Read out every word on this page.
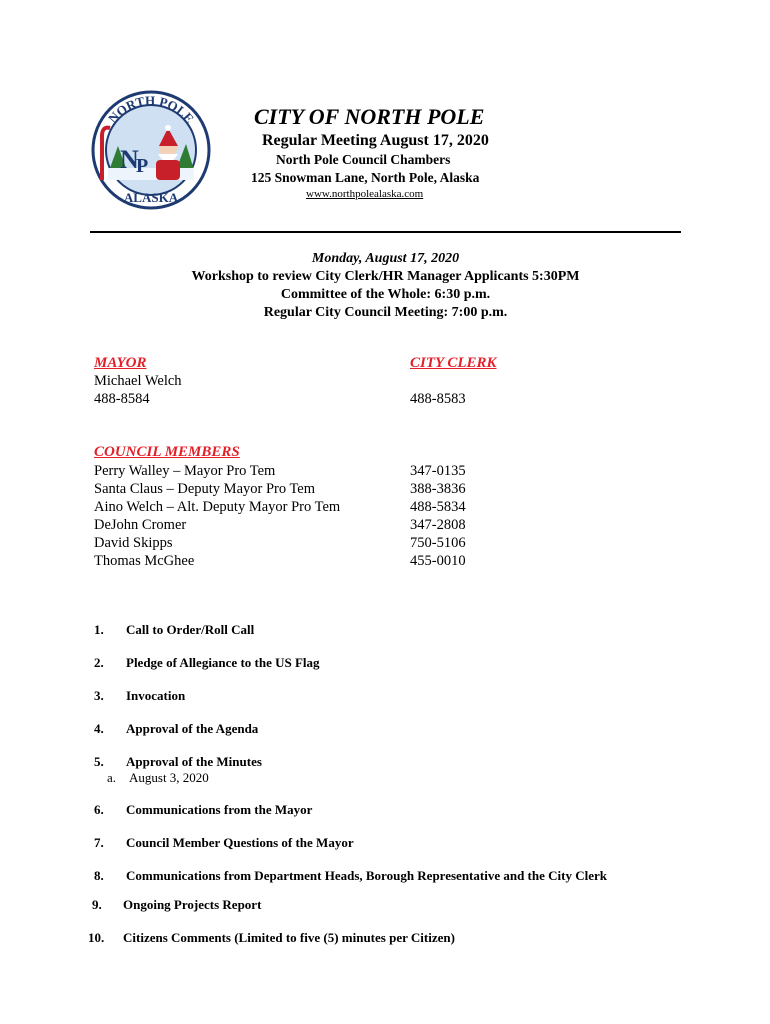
N
P
NORTH POLE
ALASKA
CITY OF NORTH POLE
Regular Meeting August 17, 2020
North Pole Council Chambers
125 Snowman Lane, North Pole, Alaska
www.northpolealaska.com
Monday, August 17, 2020
Workshop to review City Clerk/HR Manager Applicants 5:30PM
Committee of the Whole: 6:30 p.m.
Regular City Council Meeting: 7:00 p.m.
MAYOR
Michael Welch
488-8584
CITY CLERK
488-8583
COUNCIL MEMBERS
Perry Walley – Mayor Pro Tem
Santa Claus – Deputy Mayor Pro Tem
Aino Welch – Alt. Deputy Mayor Pro Tem
DeJohn Cromer
David Skipps
Thomas McGhee
347-0135
388-3836
488-5834
347-2808
750-5106
455-0010
1. Call to Order/Roll Call
2. Pledge of Allegiance to the US Flag
3. Invocation
4. Approval of the Agenda
5. Approval of the Minutes
a. August 3, 2020
6. Communications from the Mayor
7. Council Member Questions of the Mayor
8. Communications from Department Heads, Borough Representative and the City Clerk
9. Ongoing Projects Report
10. Citizens Comments (Limited to five (5) minutes per Citizen)
